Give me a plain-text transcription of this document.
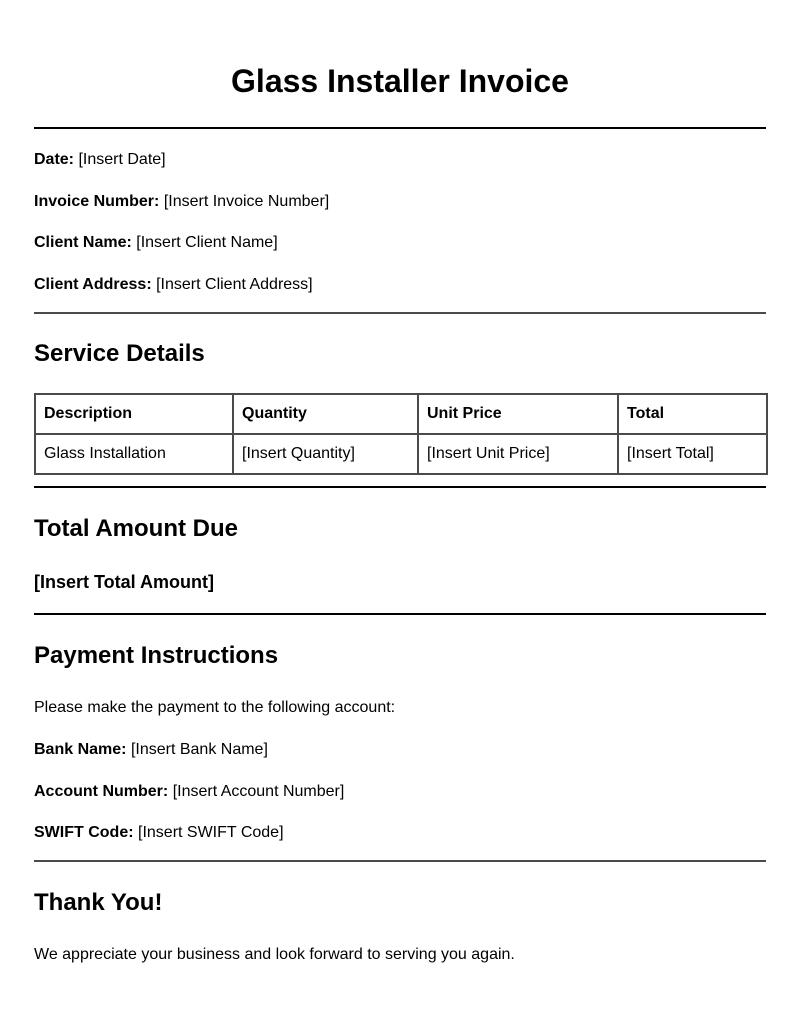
Glass Installer Invoice
Date: [Insert Date]
Invoice Number: [Insert Invoice Number]
Client Name: [Insert Client Name]
Client Address: [Insert Client Address]
Service Details
Description	Quantity	Unit Price	Total
Glass Installation	[Insert Quantity]	[Insert Unit Price]	[Insert Total]
Total Amount Due

[Insert Total Amount]

Payment Instructions

Please make the payment to the following account:

Bank Name: [Insert Bank Name]
Account Number: [Insert Account Number]
SWIFT Code: [Insert SWIFT Code]
Thank You!

We appreciate your business and look forward to serving you again.
